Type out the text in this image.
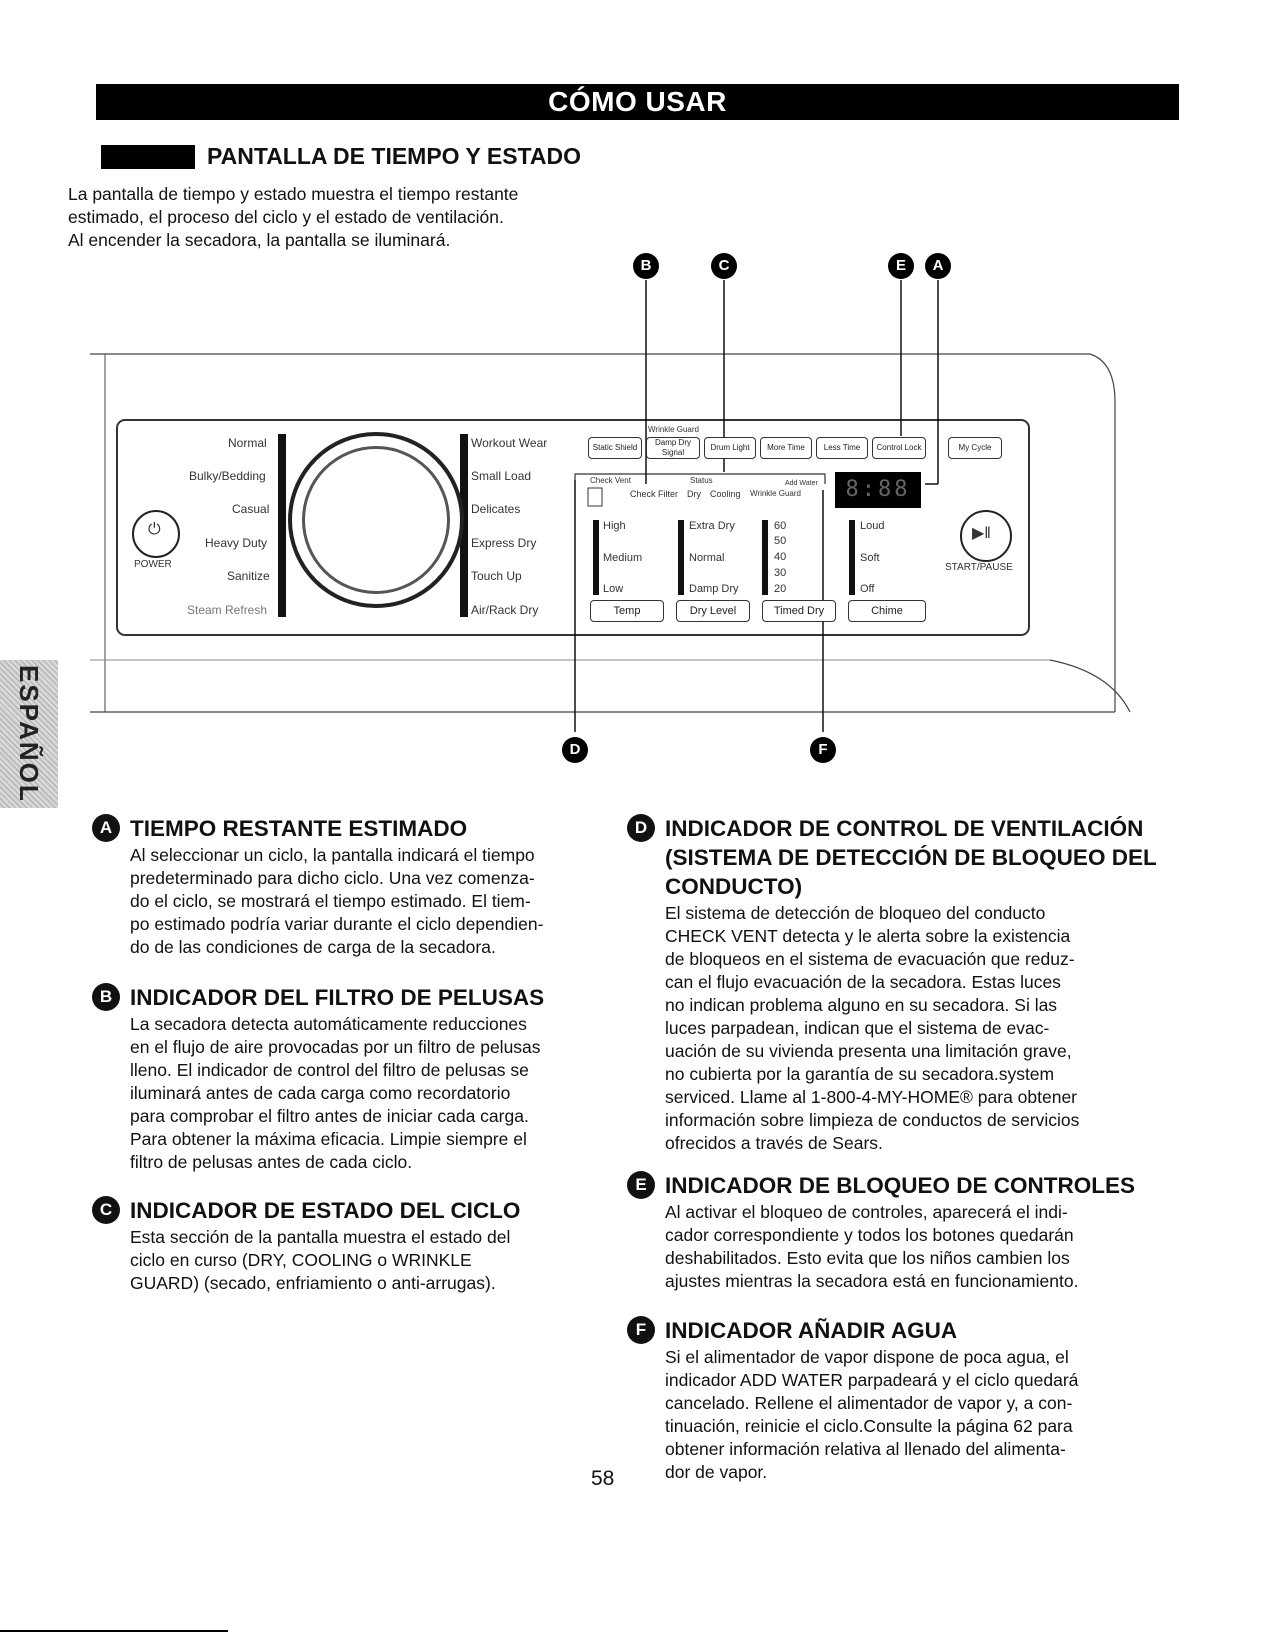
CÓMO USAR
PANTALLA DE TIEMPO Y ESTADO

La pantalla de tiempo y estado muestra el tiempo restante
estimado, el proceso del ciclo y el estado de ventilación.
Al encender la secadora, la pantalla se iluminará.

B	C	E	A
D	F
⏻
POWER
Normal
Bulky/Bedding
Casual
Heavy Duty
Sanitize
Steam Refresh
Workout Wear
Small Load
Delicates
Express Dry
Touch Up
Air/Rack Dry
Wrinkle Guard
Static Shield
Damp Dry Signal
Drum Light	More Time	Less Time	Control Lock	My Cycle
Check Vent	Status
Check Filter Dry Cooling Wrinkle Guard
Add Water	8:88
▶‖
START/PAUSE
High
Medium
Low
Extra Dry
Normal
Damp Dry
60
50
40
30
20
Loud
Soft
Off
Temp	Dry Level	Timed Dry	Chime
ESPAÑOL
A TIEMPO RESTANTE ESTIMADO

Al seleccionar un ciclo, la pantalla indicará el tiempo
predeterminado para dicho ciclo. Una vez comenza-
do el ciclo, se mostrará el tiempo estimado. El tiem-
po estimado podría variar durante el ciclo dependien-
do de las condiciones de carga de la secadora.

B INDICADOR DEL FILTRO DE PELUSAS

La secadora detecta automáticamente reducciones
en el flujo de aire provocadas por un filtro de pelusas
lleno. El indicador de control del filtro de pelusas se
iluminará antes de cada carga como recordatorio
para comprobar el filtro antes de iniciar cada carga.
Para obtener la máxima eficacia. Limpie siempre el
filtro de pelusas antes de cada ciclo.

C INDICADOR DE ESTADO DEL CICLO

Esta sección de la pantalla muestra el estado del
ciclo en curso (DRY, COOLING o WRINKLE
GUARD) (secado, enfriamiento o anti-arrugas).

D INDICADOR DE CONTROL DE VENTILACIÓN
(SISTEMA DE DETECCIÓN DE BLOQUEO DEL
CONDUCTO)

El sistema de detección de bloqueo del conducto
CHECK VENT detecta y le alerta sobre la existencia
de bloqueos en el sistema de evacuación que reduz-
can el flujo evacuación de la secadora. Estas luces
no indican problema alguno en su secadora. Si las
luces parpadean, indican que el sistema de evac-
uación de su vivienda presenta una limitación grave,
no cubierta por la garantía de su secadora.system
serviced. Llame al 1-800-4-MY-HOME® para obtener
información sobre limpieza de conductos de servicios
ofrecidos a través de Sears.

E INDICADOR DE BLOQUEO DE CONTROLES

Al activar el bloqueo de controles, aparecerá el indi-
cador correspondiente y todos los botones quedarán
deshabilitados. Esto evita que los niños cambien los
ajustes mientras la secadora está en funcionamiento.

F INDICADOR AÑADIR AGUA

Si el alimentador de vapor dispone de poca agua, el
indicador ADD WATER parpadeará y el ciclo quedará
cancelado. Rellene el alimentador de vapor y, a con-
tinuación, reinicie el ciclo.Consulte la página 62 para
obtener información relativa al llenado del alimenta-
dor de vapor.

58
